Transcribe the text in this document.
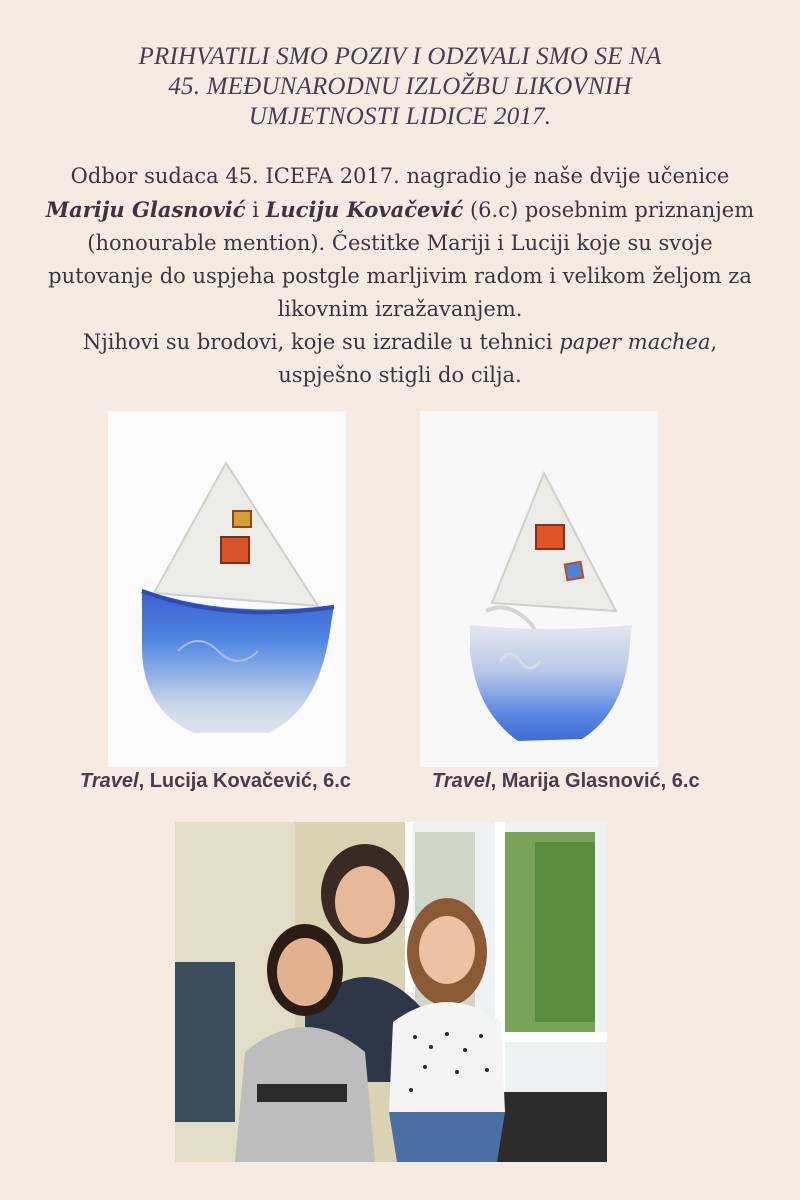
PRIHVATILI SMO POZIV I ODZVALI SMO SE NA
45. MEĐUNARODNU IZLOŽBU LIKOVNIH
UMJETNOSTI LIDICE 2017.

Odbor sudaca 45. ICEFA 2017. nagradio je naše dvije učenice
Mariju Glasnović i Luciju Kovačević (6.c) posebnim priznanjem (honourable mention). Čestitke Mariji i Luciji koje su svoje putovanje do uspjeha postgle marljivim radom i velikom željom za likovnim izražavanjem.

Njihovi su brodovi, koje su izradile u tehnici paper machea, uspješno stigli do cilja.

Travel, Lucija Kovačević, 6.c	Travel, Marija Glasnović, 6.c
